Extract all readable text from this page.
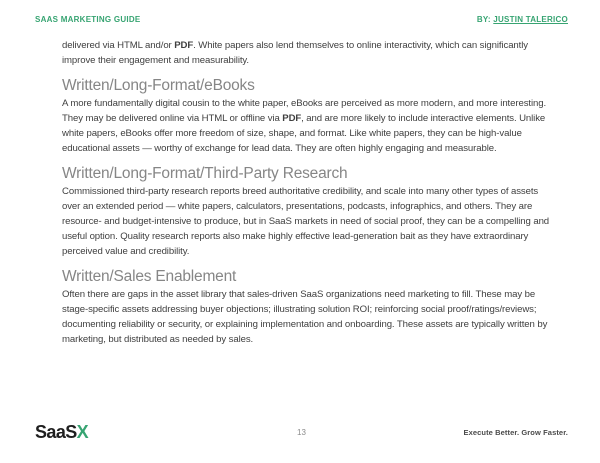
SAAS MARKETING GUIDE	BY: JUSTIN TALERICO

delivered via HTML and/or PDF. White papers also lend themselves to online interactivity, which can significantly improve their engagement and measurability.

Written/Long-Format/eBooks

A more fundamentally digital cousin to the white paper, eBooks are perceived as more modern, and more interesting. They may be delivered online via HTML or offline via PDF, and are more likely to include interactive elements. Unlike white papers, eBooks offer more freedom of size, shape, and format. Like white papers, they can be high-value educational assets — worthy of exchange for lead data. They are often highly engaging and measurable.

Written/Long-Format/Third-Party Research

Commissioned third-party research reports breed authoritative credibility, and scale into many other types of assets over an extended period — white papers, calculators, presentations, podcasts, infographics, and others. They are resource- and budget-intensive to produce, but in SaaS markets in need of social proof, they can be a compelling and useful option. Quality research reports also make highly effective lead-generation bait as they have extraordinary perceived value and credibility.

Written/Sales Enablement

Often there are gaps in the asset library that sales-driven SaaS organizations need marketing to fill. These may be stage-specific assets addressing buyer objections; illustrating solution ROI; reinforcing social proof/ratings/reviews; documenting reliability or security, or explaining implementation and onboarding. These assets are typically written by marketing, but distributed as needed by sales.

13
SaaSX	Execute Better. Grow Faster.
